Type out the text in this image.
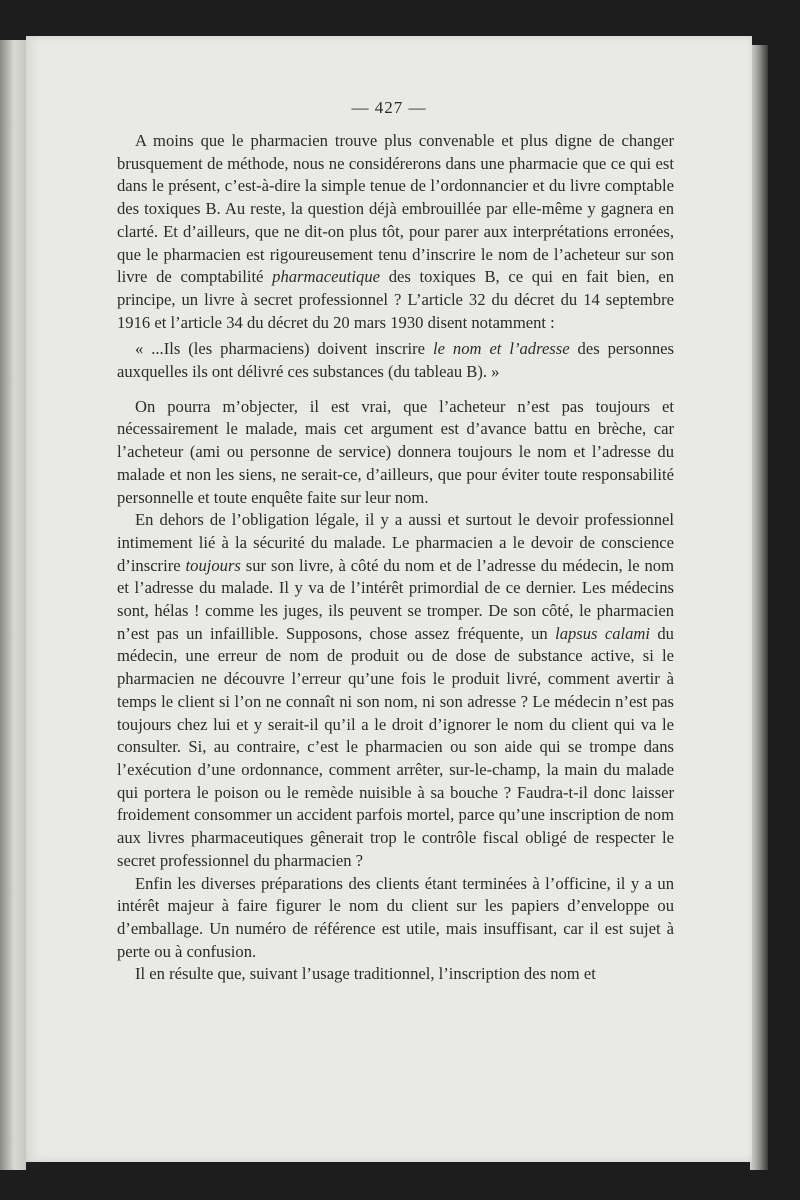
— 427 —

A moins que le pharmacien trouve plus convenable et plus digne de changer brusquement de méthode, nous ne considérerons dans une pharmacie que ce qui est dans le présent, c’est-à-dire la simple tenue de l’ordonnancier et du livre comptable des toxiques B. Au reste, la question déjà embrouillée par elle-même y gagnera en clarté. Et d’ailleurs, que ne dit-on plus tôt, pour parer aux interprétations erronées, que le pharmacien est rigoureusement tenu d’inscrire le nom de l’acheteur sur son livre de comptabilité pharmaceutique des toxiques B, ce qui en fait bien, en principe, un livre à secret professionnel ? L’article 32 du décret du 14 septembre 1916 et l’article 34 du décret du 20 mars 1930 disent notamment :

« ...Ils (les pharmaciens) doivent inscrire le nom et l’adresse des personnes auxquelles ils ont délivré ces substances (du tableau B). »

On pourra m’objecter, il est vrai, que l’acheteur n’est pas toujours et nécessairement le malade, mais cet argument est d’avance battu en brèche, car l’acheteur (ami ou personne de service) donnera toujours le nom et l’adresse du malade et non les siens, ne serait-ce, d’ailleurs, que pour éviter toute responsabilité personnelle et toute enquête faite sur leur nom.

En dehors de l’obligation légale, il y a aussi et surtout le devoir professionnel intimement lié à la sécurité du malade. Le pharmacien a le devoir de conscience d’inscrire toujours sur son livre, à côté du nom et de l’adresse du médecin, le nom et l’adresse du malade. Il y va de l’intérêt primordial de ce dernier. Les médecins sont, hélas ! comme les juges, ils peuvent se tromper. De son côté, le pharmacien n’est pas un infaillible. Supposons, chose assez fréquente, un lapsus calami du médecin, une erreur de nom de produit ou de dose de substance active, si le pharmacien ne découvre l’erreur qu’une fois le produit livré, comment avertir à temps le client si l’on ne connaît ni son nom, ni son adresse ? Le médecin n’est pas toujours chez lui et y serait-il qu’il a le droit d’ignorer le nom du client qui va le consulter. Si, au contraire, c’est le pharmacien ou son aide qui se trompe dans l’exécution d’une ordonnance, comment arrêter, sur-le-champ, la main du malade qui portera le poison ou le remède nuisible à sa bouche ? Faudra-t-il donc laisser froidement consommer un accident parfois mortel, parce qu’une inscription de nom aux livres pharmaceutiques gênerait trop le contrôle fiscal obligé de respecter le secret professionnel du pharmacien ?

Enfin les diverses préparations des clients étant terminées à l’officine, il y a un intérêt majeur à faire figurer le nom du client sur les papiers d’enveloppe ou d’emballage. Un numéro de référence est utile, mais insuffisant, car il est sujet à perte ou à confusion.

Il en résulte que, suivant l’usage traditionnel, l’inscription des nom et
